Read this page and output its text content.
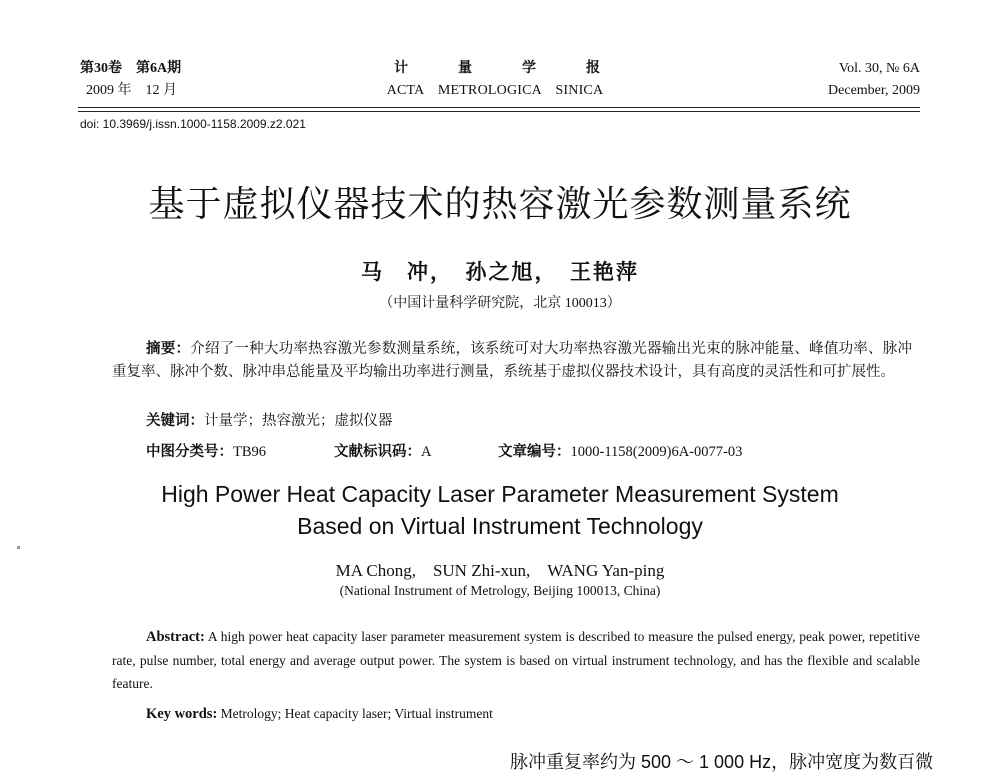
第30卷　第6A期
2009 年　12 月
计	量	学	报
ACTA　METROLOGICA　SINICA
Vol. 30, № 6A
December, 2009
doi: 10.3969/j.issn.1000-1158.2009.z2.021
基于虚拟仪器技术的热容激光参数测量系统
马　冲，　孙之旭，　王艳萍
（中国计量科学研究院，北京 100013）
摘要：介绍了一种大功率热容激光参数测量系统，该系统可对大功率热容激光器输出光束的脉冲能量、峰值功率、脉冲重复率、脉冲个数、脉冲串总能量及平均输出功率进行测量，系统基于虚拟仪器技术设计，具有高度的灵活性和可扩展性。
关键词：计量学；热容激光；虚拟仪器
中图分类号：TB96	文献标识码：A	文章编号：1000-1158(2009)6A-0077-03
High Power Heat Capacity Laser Parameter Measurement System
Based on Virtual Instrument Technology
MA Chong,　SUN Zhi-xun,　WANG Yan-ping
(National Instrument of Metrology, Beijing 100013, China)
Abstract: A high power heat capacity laser parameter measurement system is described to measure the pulsed energy, peak power, repetitive rate, pulse number, total energy and average output power. The system is based on virtual instrument technology, and has the flexible and scalable feature.
Key words: Metrology; Heat capacity laser; Virtual instrument
脉冲重复率约为 500 ～ 1 000 Hz，脉冲宽度为数百微
